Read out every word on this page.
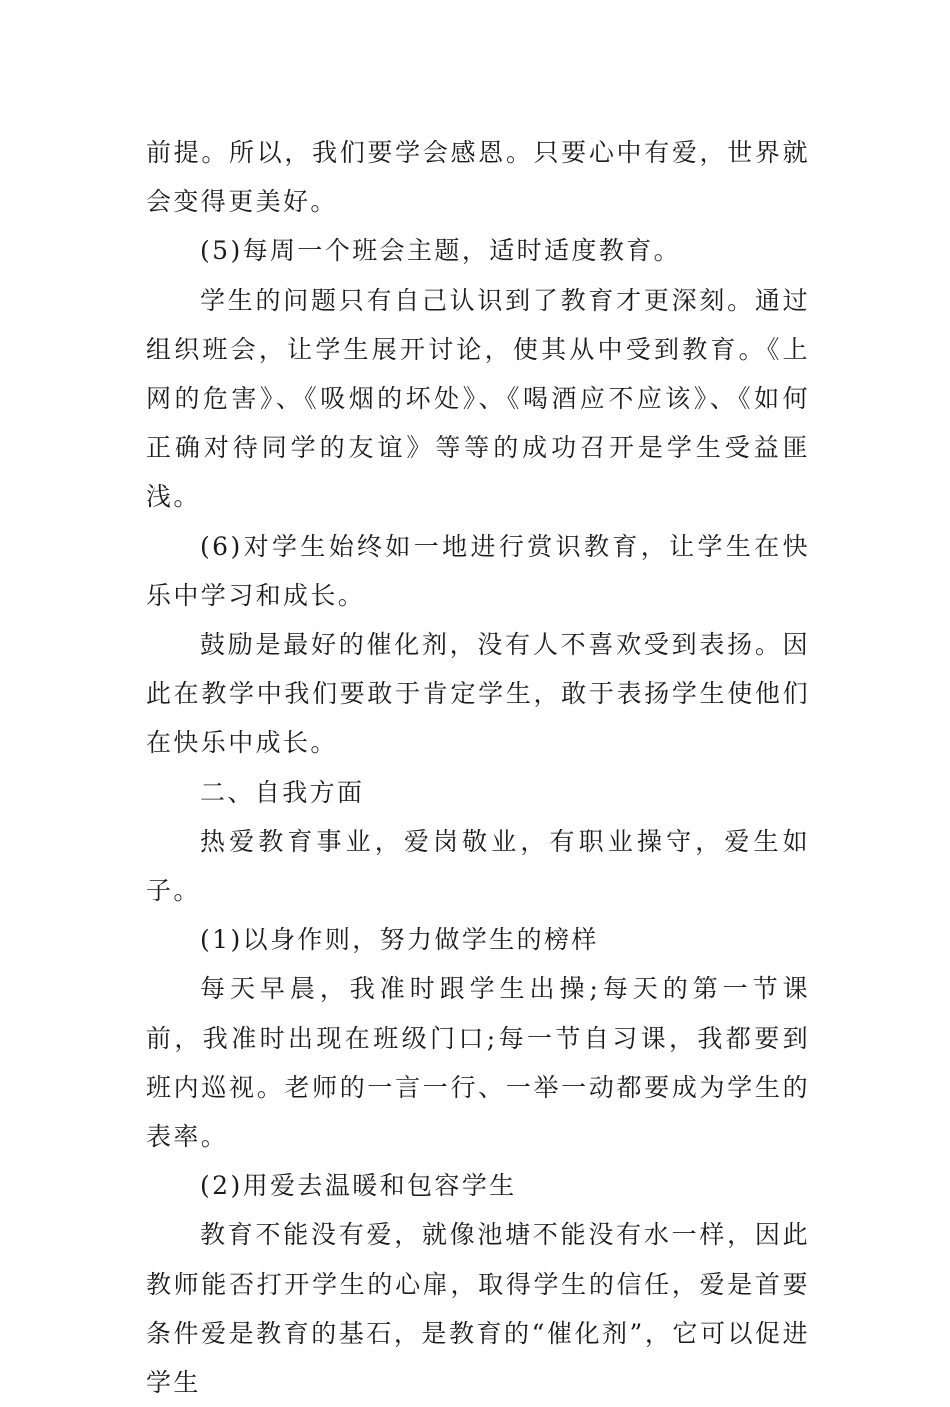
前提。所以，我们要学会感恩。只要心中有爱，世界就会变得更美好。

(5)每周一个班会主题，适时适度教育。

学生的问题只有自己认识到了教育才更深刻。通过组织班会，让学生展开讨论，使其从中受到教育。《上网的危害》、《吸烟的坏处》、《喝酒应不应该》、《如何正确对待同学的友谊》等等的成功召开是学生受益匪浅。

(6)对学生始终如一地进行赏识教育，让学生在快乐中学习和成长。

鼓励是最好的催化剂，没有人不喜欢受到表扬。因此在教学中我们要敢于肯定学生，敢于表扬学生使他们在快乐中成长。

二、自我方面

热爱教育事业，爱岗敬业，有职业操守，爱生如子。

(1)以身作则，努力做学生的榜样

每天早晨，我准时跟学生出操;每天的第一节课前，我准时出现在班级门口;每一节自习课，我都要到班内巡视。老师的一言一行、一举一动都要成为学生的表率。

(2)用爱去温暖和包容学生

教育不能没有爱，就像池塘不能没有水一样，因此教师能否打开学生的心扉，取得学生的信任，爱是首要条件爱是教育的基石，是教育的“催化剂”，它可以促进学生
